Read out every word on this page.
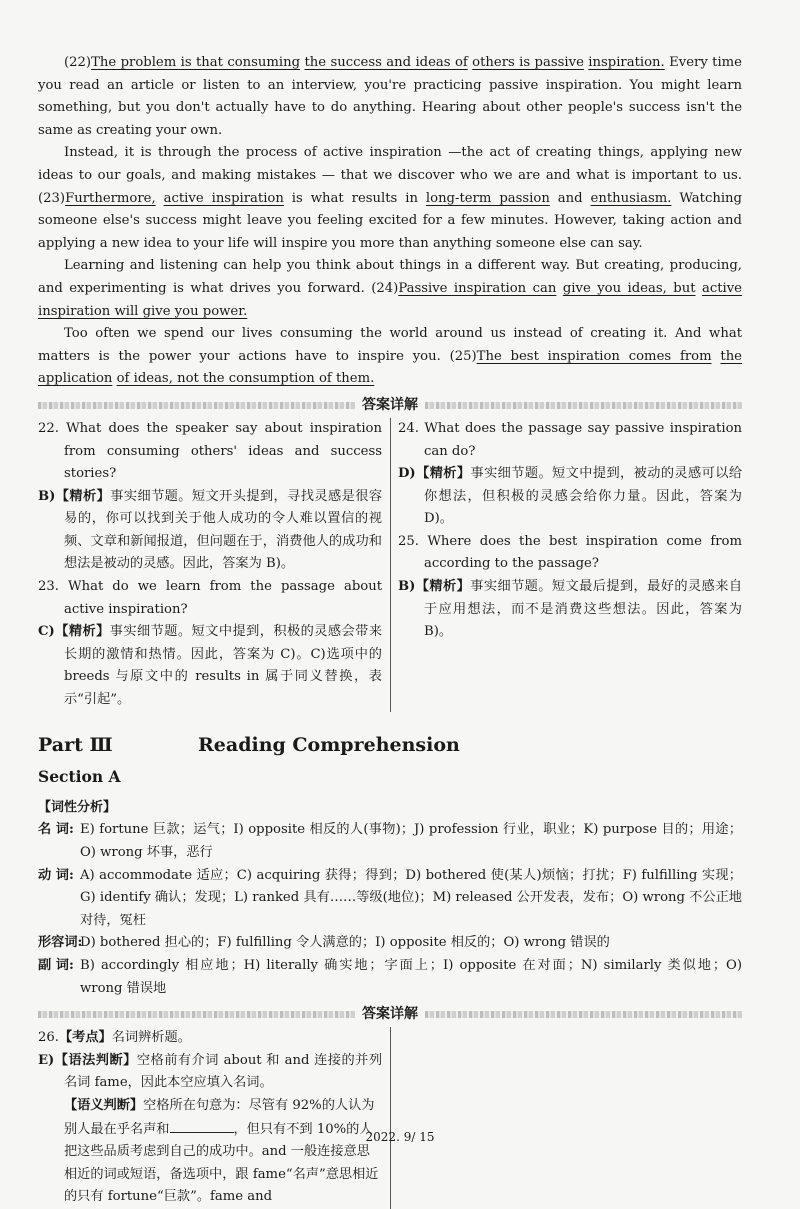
(22)The problem is that consuming the success and ideas of others is passive inspiration. Every time you read an article or listen to an interview, you're practicing passive inspiration. You might learn something, but you don't actually have to do anything. Hearing about other people's success isn't the same as creating your own.

Instead, it is through the process of active inspiration —the act of creating things, applying new ideas to our goals, and making mistakes — that we discover who we are and what is important to us. (23)Furthermore, active inspiration is what results in long-term passion and enthusiasm. Watching someone else's success might leave you feeling excited for a few minutes. However, taking action and applying a new idea to your life will inspire you more than anything someone else can say.

Learning and listening can help you think about things in a different way. But creating, producing, and experimenting is what drives you forward. (24)Passive inspiration can give you ideas, but active inspiration will give you power.

Too often we spend our lives consuming the world around us instead of creating it. And what matters is the power your actions have to inspire you. (25)The best inspiration comes from the application of ideas, not the consumption of them.

答案详解
22. What does the speaker say about inspiration from consuming others' ideas and success stories?
B)【精析】事实细节题。短文开头提到，寻找灵感是很容易的，你可以找到关于他人成功的令人难以置信的视频、文章和新闻报道，但问题在于，消费他人的成功和想法是被动的灵感。因此，答案为 B)。
23. What do we learn from the passage about active inspiration?
C)【精析】事实细节题。短文中提到，积极的灵感会带来长期的激情和热情。因此，答案为 C)。C)选项中的 breeds 与原文中的 results in 属于同义替换，表示“引起”。
24. What does the passage say passive inspiration can do?
D)【精析】事实细节题。短文中提到，被动的灵感可以给你想法，但积极的灵感会给你力量。因此，答案为 D)。
25. Where does the best inspiration come from according to the passage?
B)【精析】事实细节题。短文最后提到，最好的灵感来自于应用想法，而不是消费这些想法。因此，答案为 B)。
Part Ⅲ	Reading Comprehension
Section A
【词性分析】
名 词: E) fortune 巨款；运气；I) opposite 相反的人(事物)；J) profession 行业，职业；K) purpose 目的；用途；O) wrong 坏事，恶行
动 词: A) accommodate 适应；C) acquiring 获得；得到；D) bothered 使(某人)烦恼；打扰；F) fulfilling 实现；G) identify 确认；发现；L) ranked 具有……等级(地位)；M) released 公开发表，发布；O) wrong 不公正地对待，冤枉
形容词:
D) bothered 担心的；F) fulfilling 令人满意的；I) opposite 相反的；O) wrong 错误的
副 词: B) accordingly 相应地；H) literally 确实地；字面上；I) opposite 在对面；N) similarly 类似地；O) wrong 错误地
答案详解
26.【考点】名词辨析题。
E)【语法判断】空格前有介词 about 和 and 连接的并列名词 fame，因此本空应填入名词。
【语义判断】空格所在句意为：尽管有 92%的人认为别人最在乎名声和	，但只有不到 10%的人把这些品质考虑到自己的成功中。and 一般连接意思相近的词或短语，备选项中，跟 fame“名声”意思相近的只有 fortune“巨款”。fame and
2022. 9/ 15
